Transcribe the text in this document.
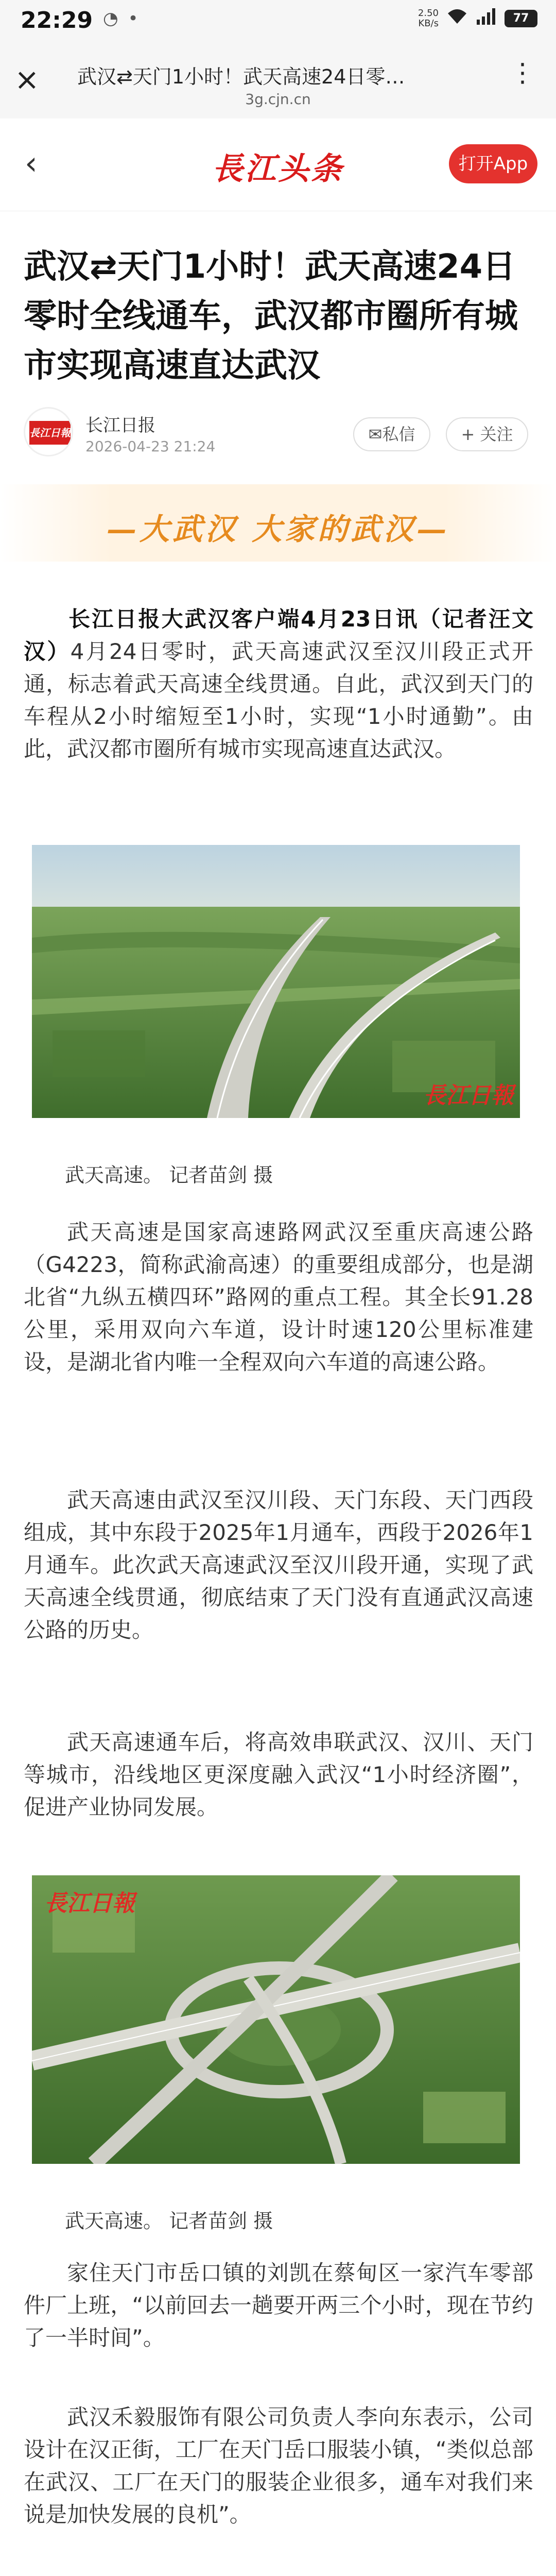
22:29 ◔ •	2.50
KB/s	77
× 武汉⇄天门1小时！武天高速24日零…
3g.cjn.cn
⋮
‹	長江头条	打开App
武汉⇄天门1小时！武天高速24日零时全线通车，武汉都市圈所有城市实现高速直达武汉
長江日報 长江日报
2026-04-23 21:24
✉私信	+ 关注
—大武汉 大家的武汉—

长江日报大武汉客户端4月23日讯（记者汪文汉）4月24日零时，武天高速武汉至汉川段正式开通，标志着武天高速全线贯通。自此，武汉到天门的车程从2小时缩短至1小时，实现“1小时通勤”。由此，武汉都市圈所有城市实现高速直达武汉。

長江日報
武天高速。 记者苗剑 摄

武天高速是国家高速路网武汉至重庆高速公路（G4223，简称武渝高速）的重要组成部分，也是湖北省“九纵五横四环”路网的重点工程。其全长91.28公里，采用双向六车道，设计时速120公里标准建设，是湖北省内唯一全程双向六车道的高速公路。

武天高速由武汉至汉川段、天门东段、天门西段组成，其中东段于2025年1月通车，西段于2026年1月通车。此次武天高速武汉至汉川段开通，实现了武天高速全线贯通，彻底结束了天门没有直通武汉高速公路的历史。

武天高速通车后，将高效串联武汉、汉川、天门等城市，沿线地区更深度融入武汉“1小时经济圈”，促进产业协同发展。

長江日報
武天高速。 记者苗剑 摄

家住天门市岳口镇的刘凯在蔡甸区一家汽车零部件厂上班，“以前回去一趟要开两三个小时，现在节约了一半时间”。

武汉禾毅服饰有限公司负责人李向东表示，公司设计在汉正街，工厂在天门岳口服装小镇，“类似总部在武汉、工厂在天门的服装企业很多，通车对我们来说是加快发展的良机”。
